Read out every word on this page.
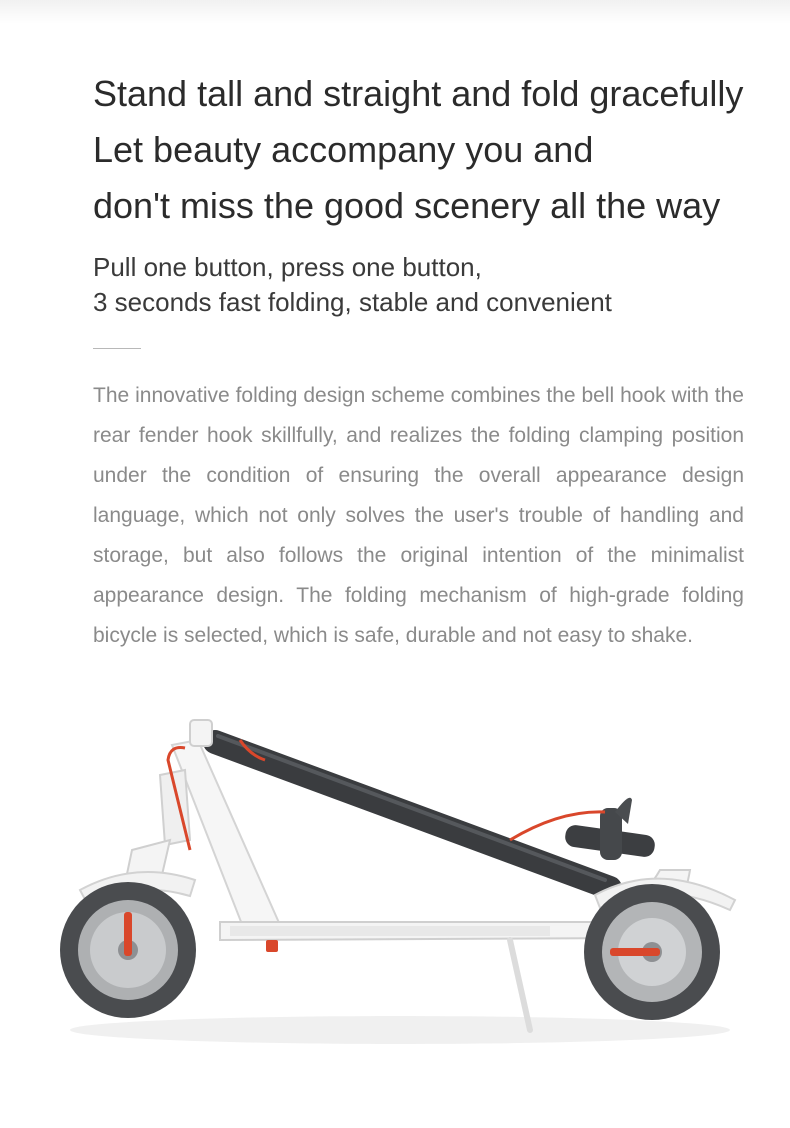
Stand tall and straight and fold gracefully
Let beauty accompany you and
don't miss the good scenery all the way
Pull one button, press one button,
3 seconds fast folding, stable and convenient

The innovative folding design scheme combines the bell hook with the rear fender hook skillfully, and realizes the folding clamping position under the condition of ensuring the overall appearance design language, which not only solves the user's trouble of handling and storage, but also follows the original intention of the minimalist appearance design. The folding mechanism of high-grade folding bicycle is selected, which is safe, durable and not easy to shake.
